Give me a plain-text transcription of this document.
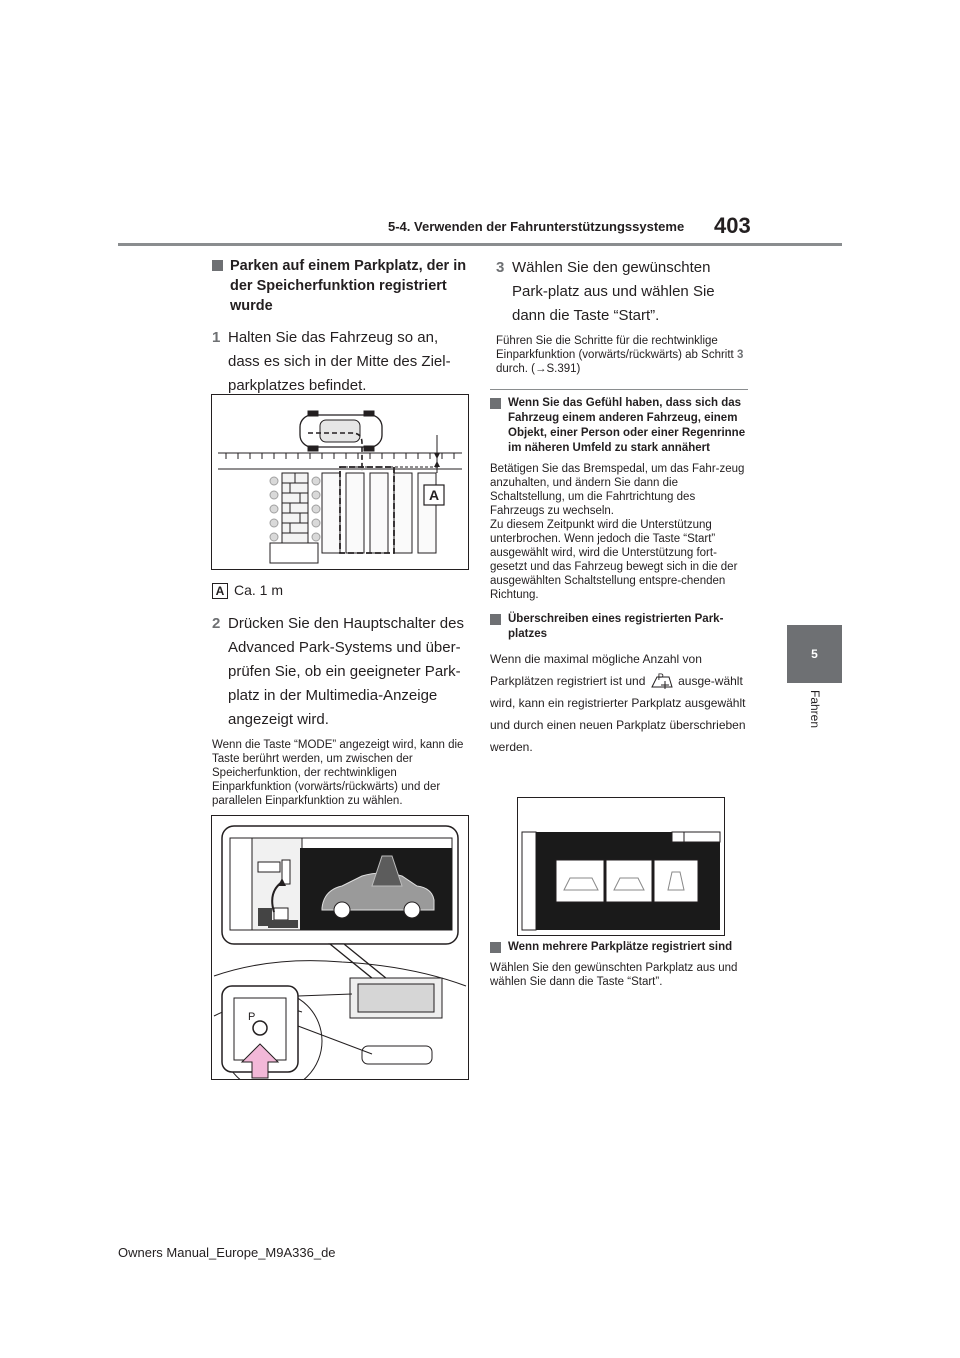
5-4. Verwenden der Fahrunterstützungssysteme 403
5
Fahren
Parken auf einem Parkplatz, der in der Speicherfunktion registriert wurde
1 Halten Sie das Fahrzeug so an, dass es sich in der Mitte des Ziel-parkplatzes befindet.
A
A Ca. 1 m
2 Drücken Sie den Hauptschalter des Advanced Park-Systems und über-prüfen Sie, ob ein geeigneter Park-platz in der Multimedia-Anzeige angezeigt wird.
Wenn die Taste “MODE” angezeigt wird, kann die Taste berührt werden, um zwischen der Speicherfunktion, der rechtwinkligen Einparkfunktion (vorwärts/rückwärts) und der parallelen Einparkfunktion zu wählen.
P
3 Wählen Sie den gewünschten Park-platz aus und wählen Sie dann die Taste “Start”.
Führen Sie die Schritte für die rechtwinklige Einparkfunktion (vorwärts/rückwärts) ab Schritt 3 durch. (→S.391)
Wenn Sie das Gefühl haben, dass sich das Fahrzeug einem anderen Fahrzeug, einem Objekt, einer Person oder einer Regenrinne im näheren Umfeld zu stark annähert
Betätigen Sie das Bremspedal, um das Fahr-zeug anzuhalten, und ändern Sie dann die Schaltstellung, um die Fahrtrichtung des Fahrzeugs zu wechseln.
Zu diesem Zeitpunkt wird die Unterstützung unterbrochen. Wenn jedoch die Taste “Start” ausgewählt wird, wird die Unterstützung fort-gesetzt und das Fahrzeug bewegt sich in die der ausgewählten Schaltstellung entspre-chenden Richtung.
Überschreiben eines registrierten Park-platzes
Wenn die maximal mögliche Anzahl von Parkplätzen registriert ist und P ausge-wählt wird, kann ein registrierter Parkplatz ausgewählt und durch einen neuen Parkplatz überschrieben werden.
Wenn mehrere Parkplätze registriert sind
Wählen Sie den gewünschten Parkplatz aus und wählen Sie dann die Taste “Start”.
Owners Manual_Europe_M9A336_de
